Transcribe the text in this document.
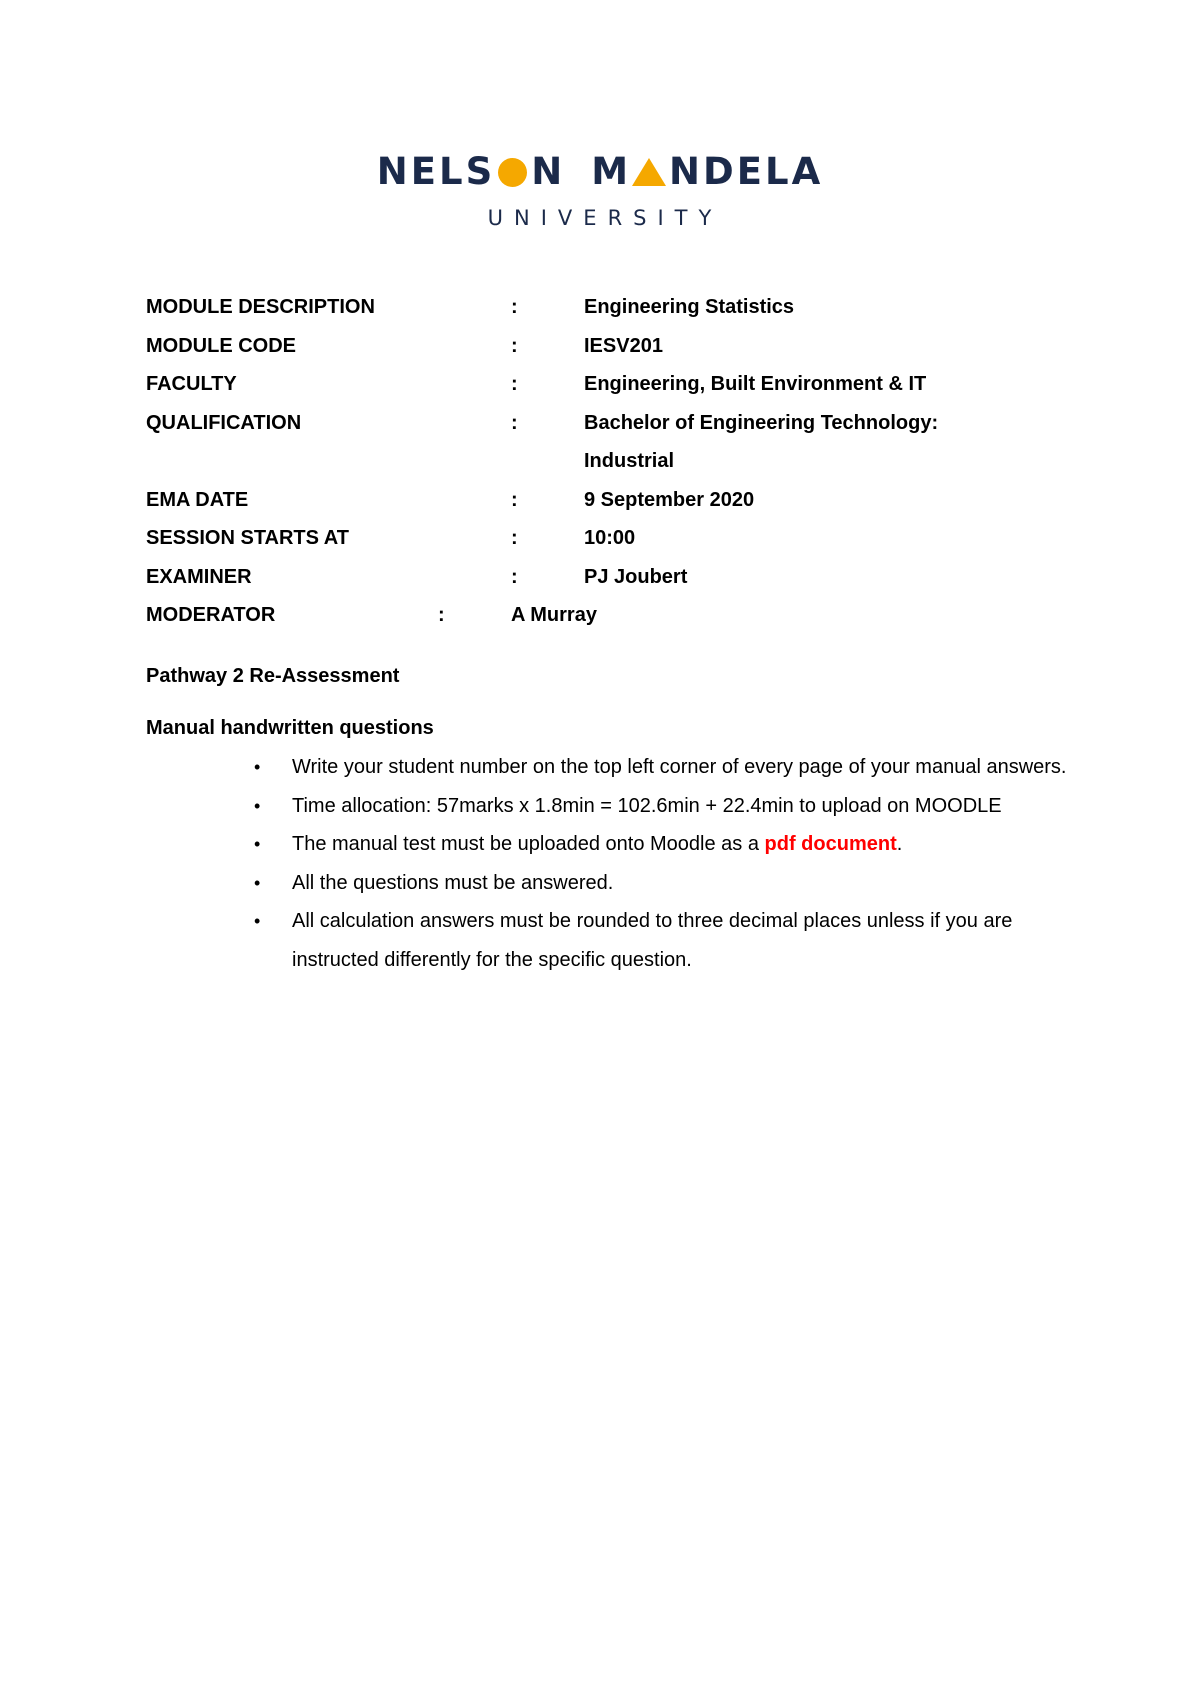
NELS N M NDELA
UNIVERSITY
MODULE DESCRIPTION	:	Engineering Statistics
MODULE CODE	:	IESV201
FACULTY	:	Engineering, Built Environment & IT
QUALIFICATION	:	Bachelor of Engineering Technology:
Industrial
EMA DATE	:	9 September 2020
SESSION STARTS AT	:	10:00
EXAMINER	:	PJ Joubert
MODERATOR	:	A Murray
Pathway 2 Re-Assessment
Manual handwritten questions
• Write your student number on the top left corner of every page of your manual answers.
• Time allocation: 57marks x 1.8min = 102.6min + 22.4min to upload on MOODLE
• The manual test must be uploaded onto Moodle as a pdf document.
• All the questions must be answered.
• All calculation answers must be rounded to three decimal places unless if you are instructed differently for the specific question.
